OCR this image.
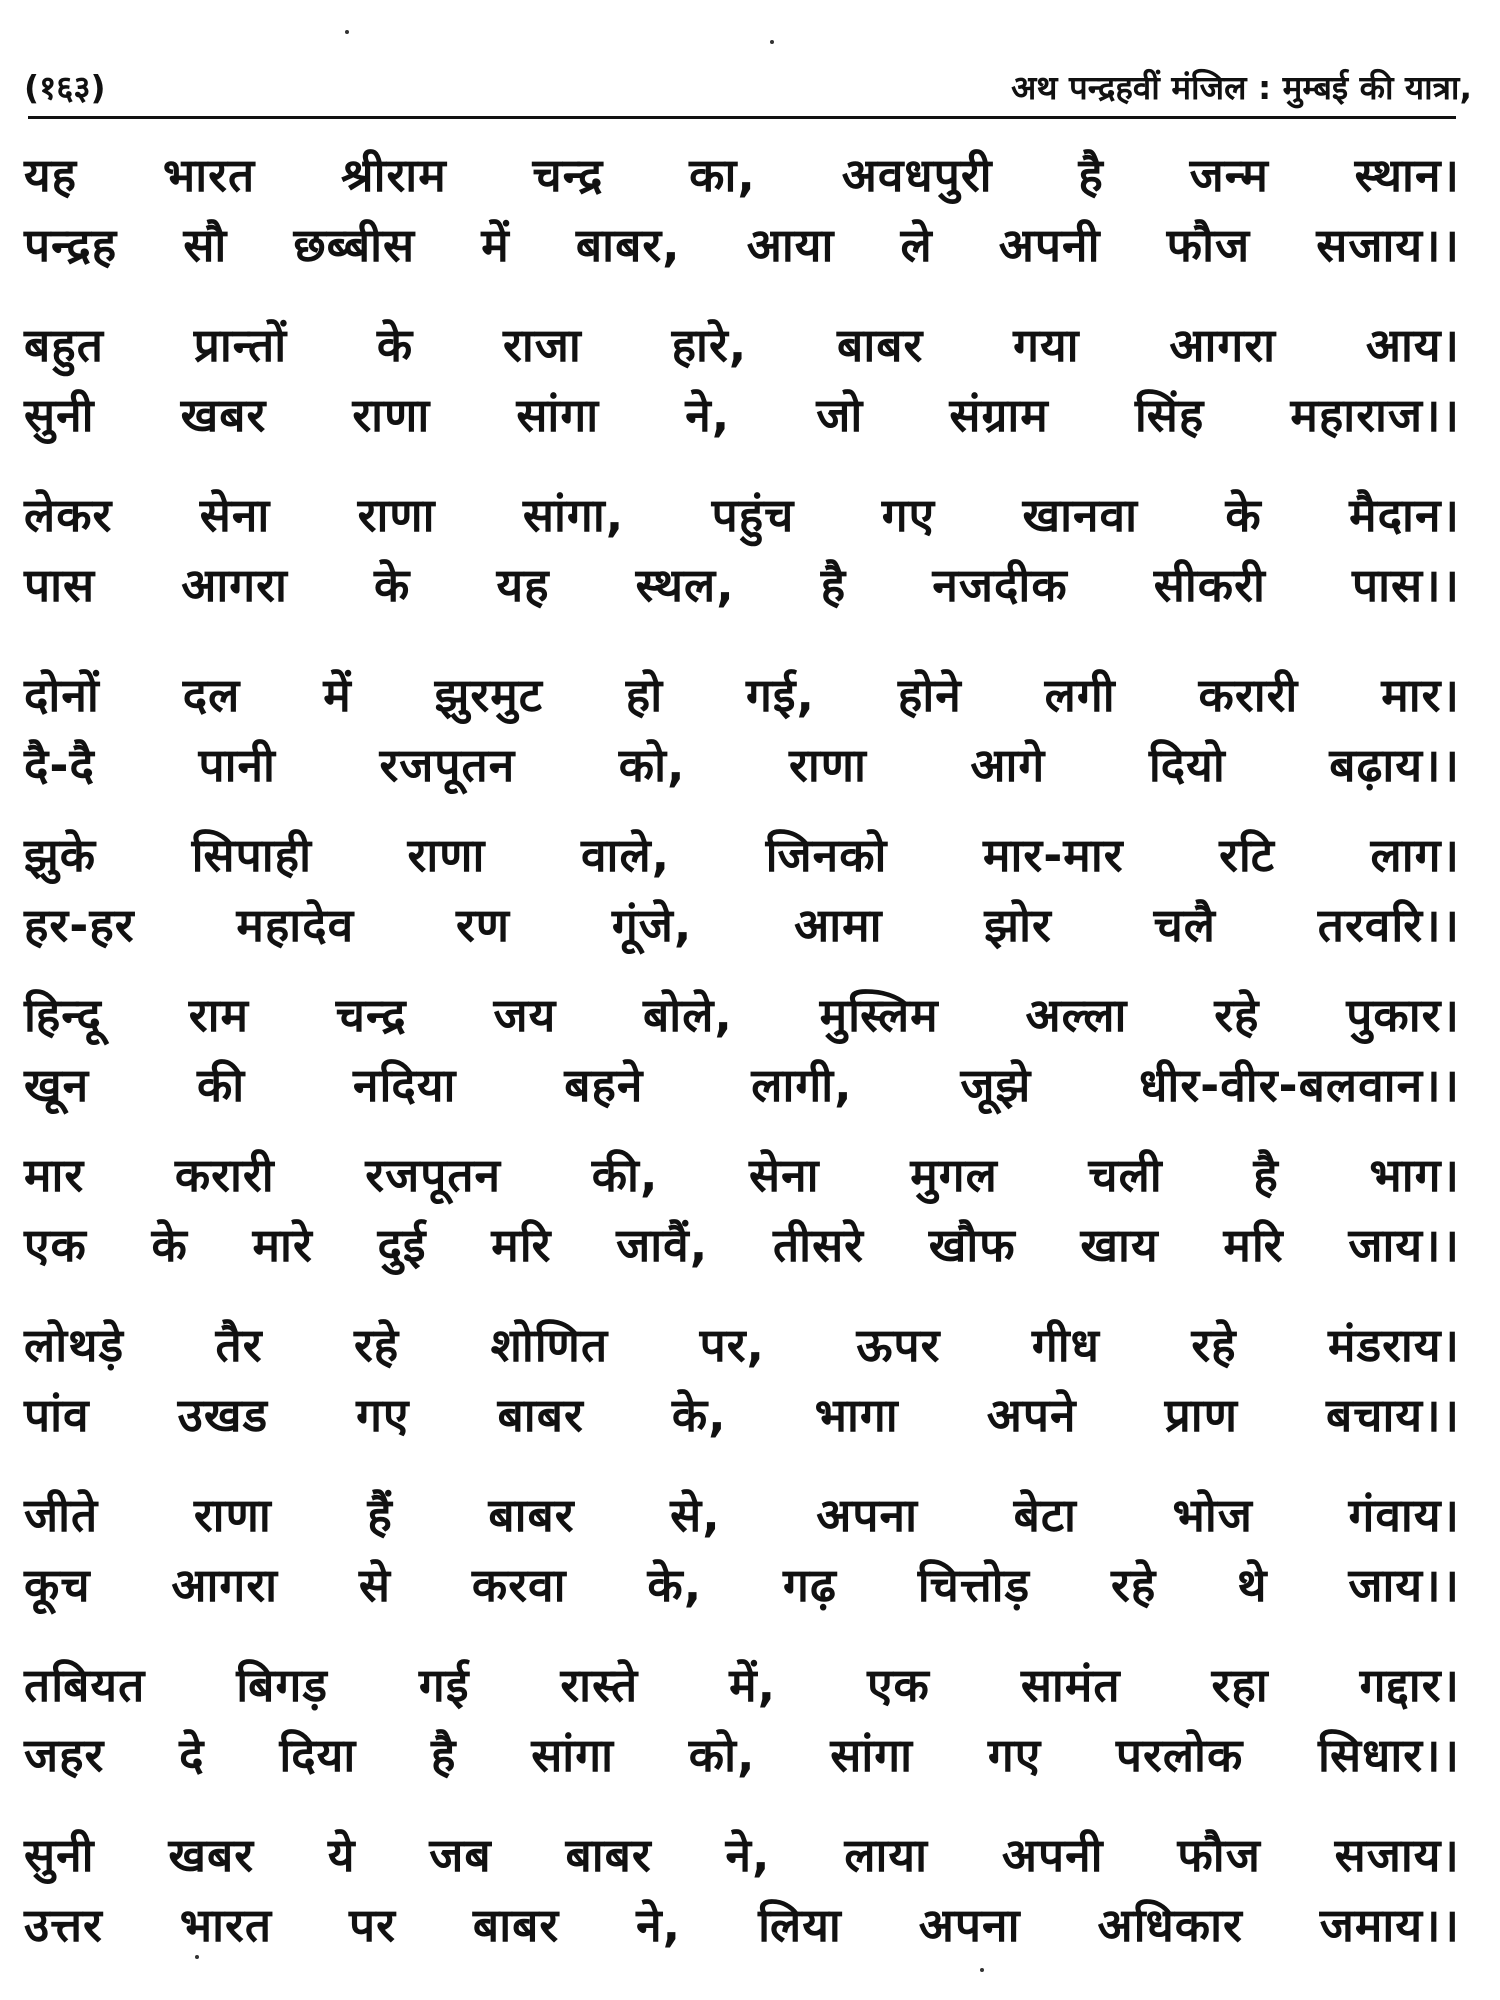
(१६३)	अथ पन्द्रहवीं मंजिल : मुम्बई की यात्रा,
यह भारत श्रीराम चन्द्र का, अवधपुरी है जन्म स्थान।
पन्द्रह सौ छब्बीस में बाबर, आया ले अपनी फौज सजाय।।
बहुत प्रान्तों के राजा हारे, बाबर गया आगरा आय।
सुनी खबर राणा सांगा ने, जो संग्राम सिंह महाराज।।
लेकर सेना राणा सांगा, पहुंच गए खानवा के मैदान।
पास आगरा के यह स्थल, है नजदीक सीकरी पास।।
दोनों दल में झुरमुट हो गई, होने लगी करारी मार।
दै-दै पानी रजपूतन को, राणा आगे दियो बढ़ाय।।
झुके सिपाही राणा वाले, जिनको मार-मार रटि लाग।
हर-हर महादेव रण गूंजे, आमा झोर चलै तरवरि।।
हिन्दू राम चन्द्र जय बोले, मुस्लिम अल्ला रहे पुकार।
खून की नदिया बहने लागी, जूझे धीर-वीर-बलवान।।
मार करारी रजपूतन की, सेना मुगल चली है भाग।
एक के मारे दुई मरि जावैं, तीसरे खौफ खाय मरि जाय।।
लोथड़े तैर रहे शोणित पर, ऊपर गीध रहे मंडराय।
पांव उखड गए बाबर के, भागा अपने प्राण बचाय।।
जीते राणा हैं बाबर से, अपना बेटा भोज गंवाय।
कूच आगरा से करवा के, गढ़ चित्तोड़ रहे थे जाय।।
तबियत बिगड़ गई रास्ते में, एक सामंत रहा गद्दार।
जहर दे दिया है सांगा को, सांगा गए परलोक सिधार।।
सुनी खबर ये जब बाबर ने, लाया अपनी फौज सजाय।
उत्तर भारत पर बाबर ने, लिया अपना अधिकार जमाय।।
